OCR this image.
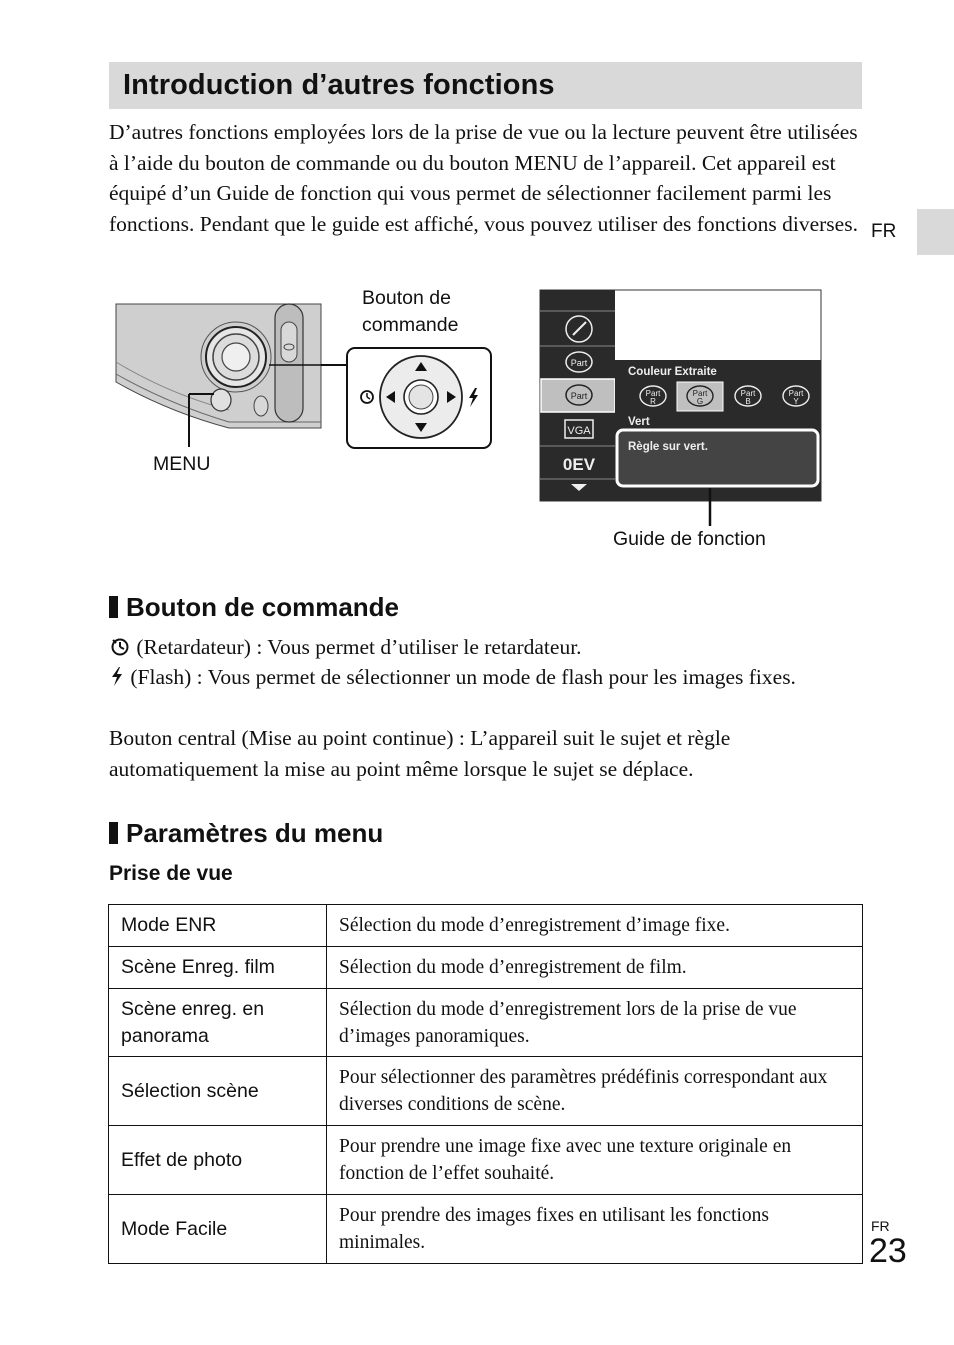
Introduction d’autres fonctions

D’autres fonctions employées lors de la prise de vue ou la lecture peuvent être utilisées à l’aide du bouton de commande ou du bouton MENU de l’appareil. Cet appareil est équipé d’un Guide de fonction qui vous permet de sélectionner facilement parmi les fonctions. Pendant que le guide est affiché, vous pouvez utiliser des fonctions diverses. FR
Part
Part
VGA
0EV
Couleur Extraite
Part
R
Part
G
Part
B
Part
Y
Vert
Règle sur vert.
Bouton de
commande
MENU
Guide de fonction
Bouton de commande

(Retardateur) : Vous permet d’utiliser le retardateur.

(Flash) : Vous permet de sélectionner un mode de flash pour les images fixes.

Bouton central (Mise au point continue) : L’appareil suit le sujet et règle automatiquement la mise au point même lorsque le sujet se déplace.

Paramètres du menu
Prise de vue
Mode ENR	Sélection du mode d’enregistrement d’image fixe.
Scène Enreg. film	Sélection du mode d’enregistrement de film.
Scène enreg. en panorama	Sélection du mode d’enregistrement lors de la prise de vue d’images panoramiques.
Sélection scène	Pour sélectionner des paramètres prédéfinis correspondant aux diverses conditions de scène.
Effet de photo	Pour prendre une image fixe avec une texture originale en fonction de l’effet souhaité.
Mode Facile	Pour prendre des images fixes en utilisant les fonctions minimales.
FR
23
